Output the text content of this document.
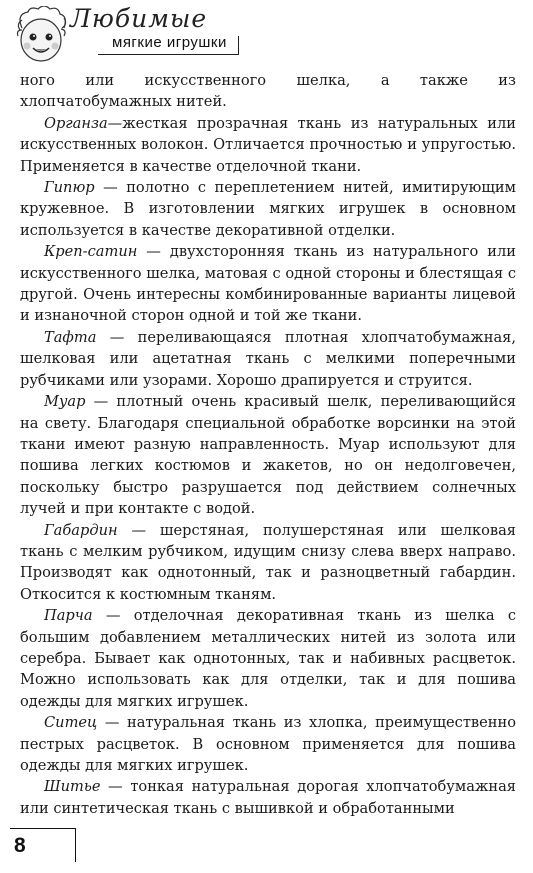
Любимые
мягкие игрушки

ного или искусственного шелка, а также из хлопчатобумажных нитей.

Органза—жесткая прозрачная ткань из натуральных или искусственных волокон. Отличается прочностью и упругостью. Применяется в качестве отделочной ткани.

Гипюр — полотно с переплетением нитей, имитирующим кружевное. В изготовлении мягких игрушек в основном используется в качестве декоративной отделки.

Креп-сатин — двухсторонняя ткань из натурального или искусственного шелка, матовая с одной стороны и блестящая с другой. Очень интересны комбинированные варианты лицевой и изнаночной сторон одной и той же ткани.

Тафта — переливающаяся плотная хлопчатобумажная, шелковая или ацетатная ткань с мелкими поперечными рубчиками или узорами. Хорошо драпируется и струится.

Муар — плотный очень красивый шелк, переливающийся на свету. Благодаря специальной обработке ворсинки на этой ткани имеют разную направленность. Муар используют для пошива легких костюмов и жакетов, но он недолговечен, поскольку быстро разрушается под действием солнечных лучей и при контакте с водой.

Габардин — шерстяная, полушерстяная или шелковая ткань с мелким рубчиком, идущим снизу слева вверх направо. Производят как однотонный, так и разноцветный габардин. Откосится к костюмным тканям.

Парча — отделочная декоративная ткань из шелка с большим добавлением металлических нитей из золота или серебра. Бывает как однотонных, так и набивных расцветок. Можно использовать как для отделки, так и для пошива одежды для мягких игрушек.

Ситец — натуральная ткань из хлопка, преимущественно пестрых расцветок. В основном применяется для пошива одежды для мягких игрушек.

Шитье — тонкая натуральная дорогая хлопчатобумажная или синтетическая ткань с вышивкой и обработанными

8
